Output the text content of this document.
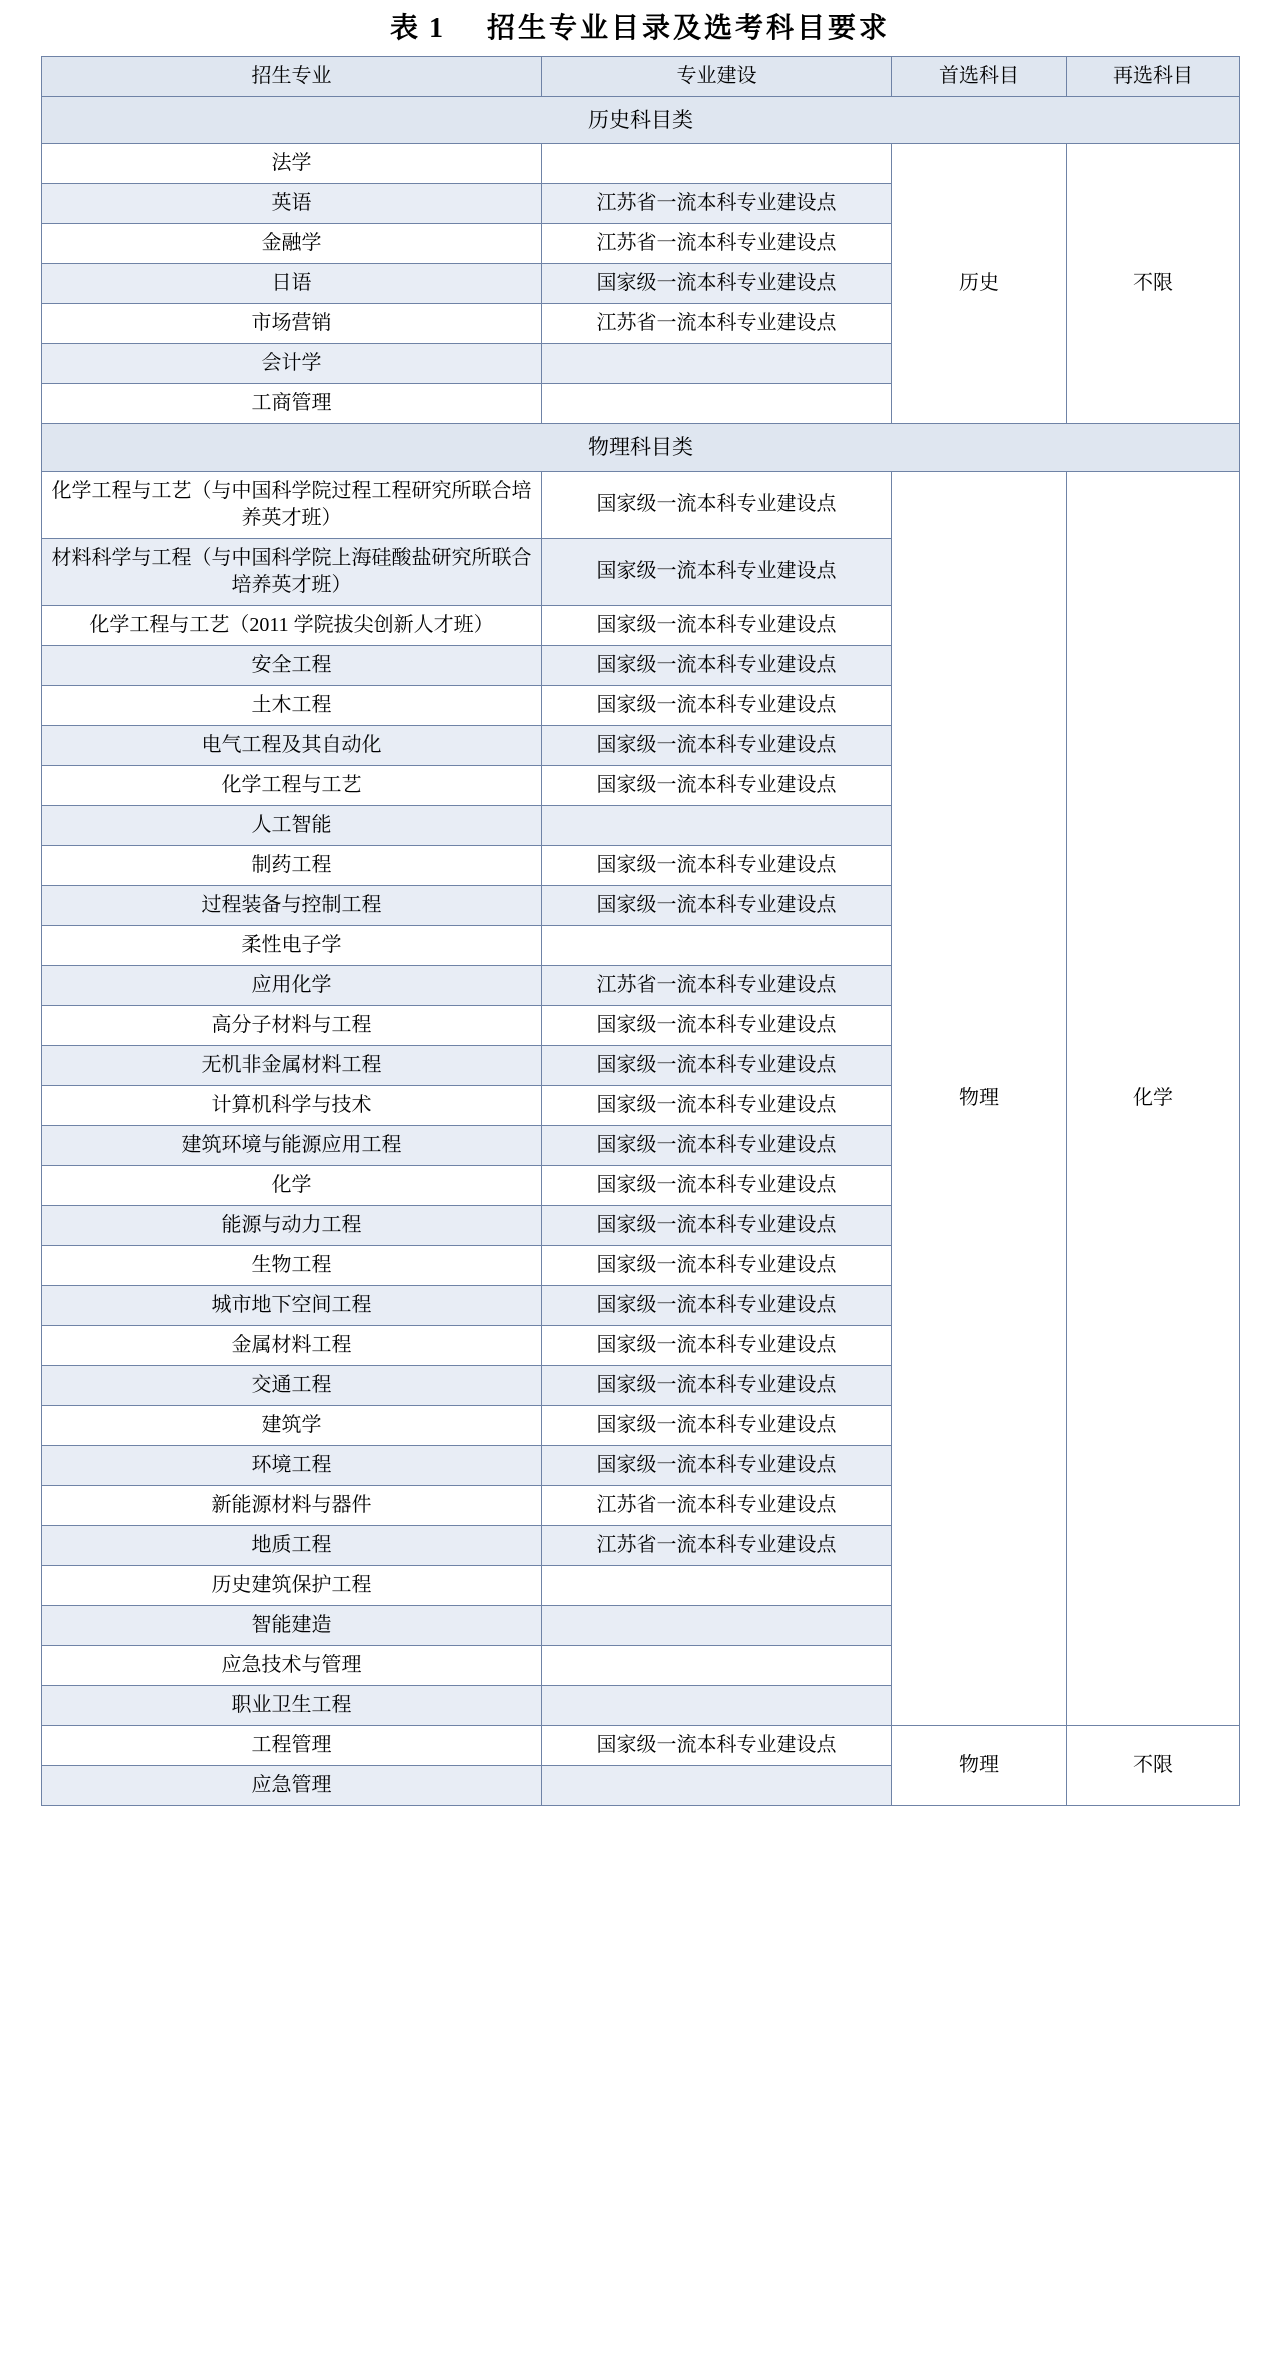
表 1 招生专业目录及选考科目要求
招生专业	专业建设	首选科目	再选科目
历史科目类			
法学		历史	不限
英语	江苏省一流本科专业建设点		
金融学	江苏省一流本科专业建设点		
日语	国家级一流本科专业建设点		
市场营销	江苏省一流本科专业建设点		
会计学			
工商管理			
物理科目类			
化学工程与工艺（与中国科学院过程工程研究所联合培养英才班）	国家级一流本科专业建设点	物理	化学
材料科学与工程（与中国科学院上海硅酸盐研究所联合培养英才班）	国家级一流本科专业建设点		
化学工程与工艺（2011 学院拔尖创新人才班）	国家级一流本科专业建设点		
安全工程	国家级一流本科专业建设点		
土木工程	国家级一流本科专业建设点		
电气工程及其自动化	国家级一流本科专业建设点		
化学工程与工艺	国家级一流本科专业建设点		
人工智能			
制药工程	国家级一流本科专业建设点		
过程装备与控制工程	国家级一流本科专业建设点		
柔性电子学			
应用化学	江苏省一流本科专业建设点		
高分子材料与工程	国家级一流本科专业建设点		
无机非金属材料工程	国家级一流本科专业建设点		
计算机科学与技术	国家级一流本科专业建设点		
建筑环境与能源应用工程	国家级一流本科专业建设点		
化学	国家级一流本科专业建设点		
能源与动力工程	国家级一流本科专业建设点		
生物工程	国家级一流本科专业建设点		
城市地下空间工程	国家级一流本科专业建设点		
金属材料工程	国家级一流本科专业建设点		
交通工程	国家级一流本科专业建设点		
建筑学	国家级一流本科专业建设点		
环境工程	国家级一流本科专业建设点		
新能源材料与器件	江苏省一流本科专业建设点		
地质工程	江苏省一流本科专业建设点		
历史建筑保护工程			
智能建造			
应急技术与管理			
职业卫生工程			
工程管理	国家级一流本科专业建设点	物理	不限
应急管理			
